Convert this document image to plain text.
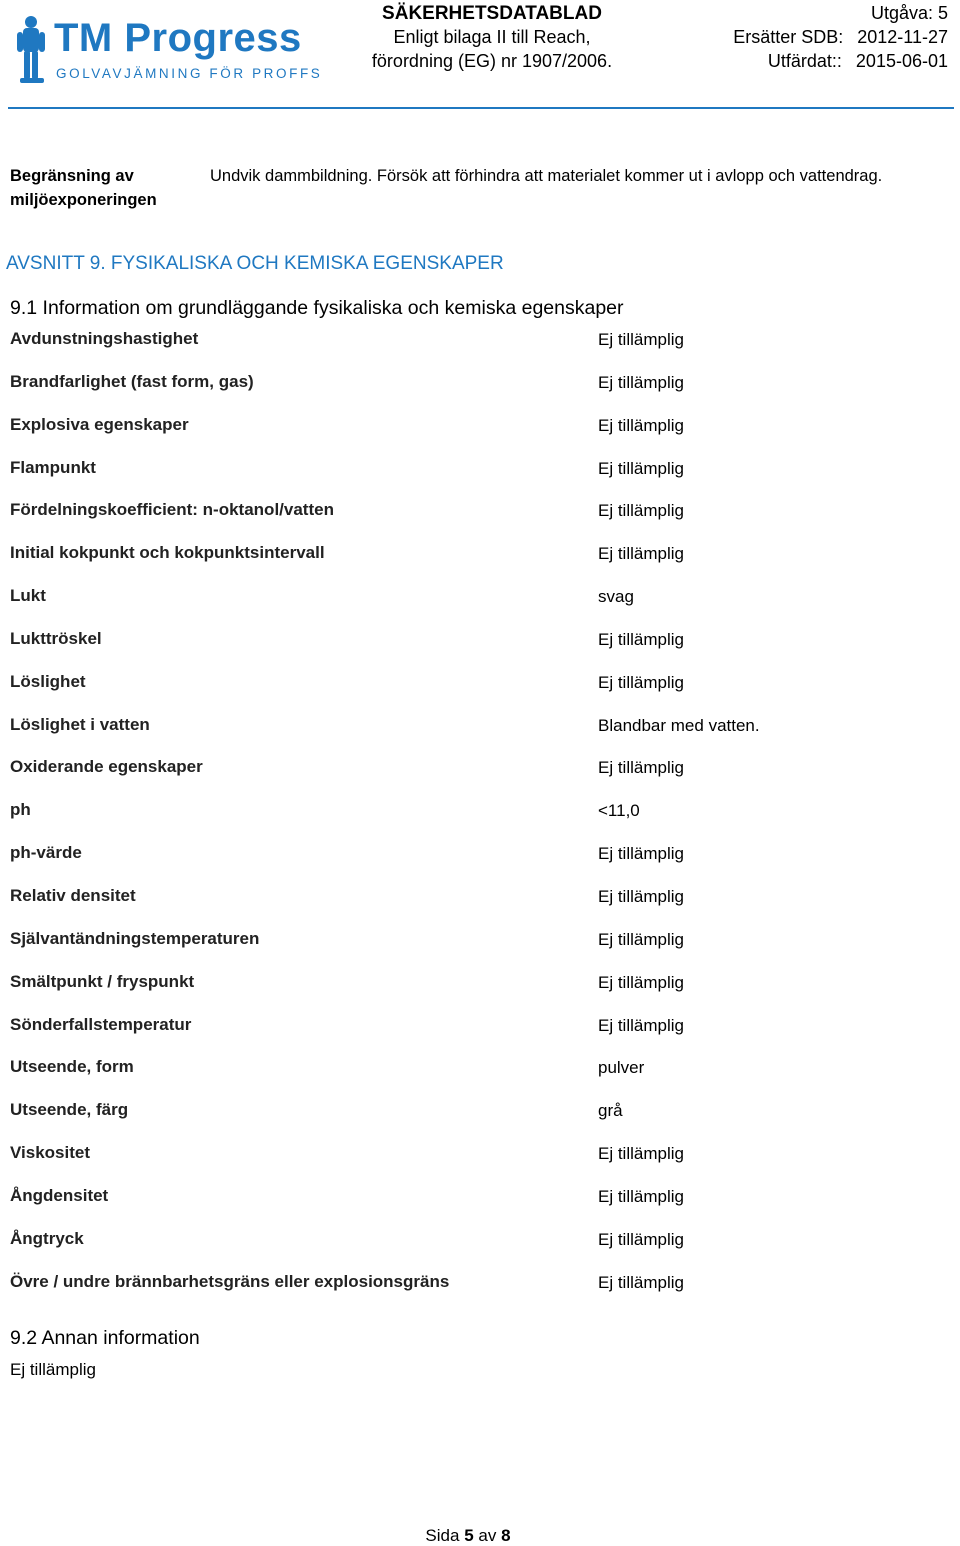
TM Progress
GOLVAVJÄMNING FÖR PROFFS
SÄKERHETSDATABLAD
Enligt bilaga II till Reach,
förordning (EG) nr 1907/2006.
Utgåva: 5
Ersätter SDB: 2012-11-27
Utfärdat:: 2015-06-01
Begränsning av miljöexponeringen
Undvik dammbildning. Försök att förhindra att materialet kommer ut i avlopp och vattendrag.
AVSNITT 9. FYSIKALISKA OCH KEMISKA EGENSKAPER
9.1 Information om grundläggande fysikaliska och kemiska egenskaper
Avdunstningshastighet	Ej tillämplig
Brandfarlighet (fast form, gas)	Ej tillämplig
Explosiva egenskaper	Ej tillämplig
Flampunkt	Ej tillämplig
Fördelningskoefficient: n-oktanol/vatten	Ej tillämplig
Initial kokpunkt och kokpunktsintervall	Ej tillämplig
Lukt	svag
Lukttröskel	Ej tillämplig
Löslighet	Ej tillämplig
Löslighet i vatten	Blandbar med vatten.
Oxiderande egenskaper	Ej tillämplig
ph	<11,0
ph-värde	Ej tillämplig
Relativ densitet	Ej tillämplig
Självantändningstemperaturen	Ej tillämplig
Smältpunkt / fryspunkt	Ej tillämplig
Sönderfallstemperatur	Ej tillämplig
Utseende, form	pulver
Utseende, färg	grå
Viskositet	Ej tillämplig
Ångdensitet	Ej tillämplig
Ångtryck	Ej tillämplig
Övre / undre brännbarhetsgräns eller explosionsgräns	Ej tillämplig
9.2 Annan information
Ej tillämplig
Sida 5 av 8
